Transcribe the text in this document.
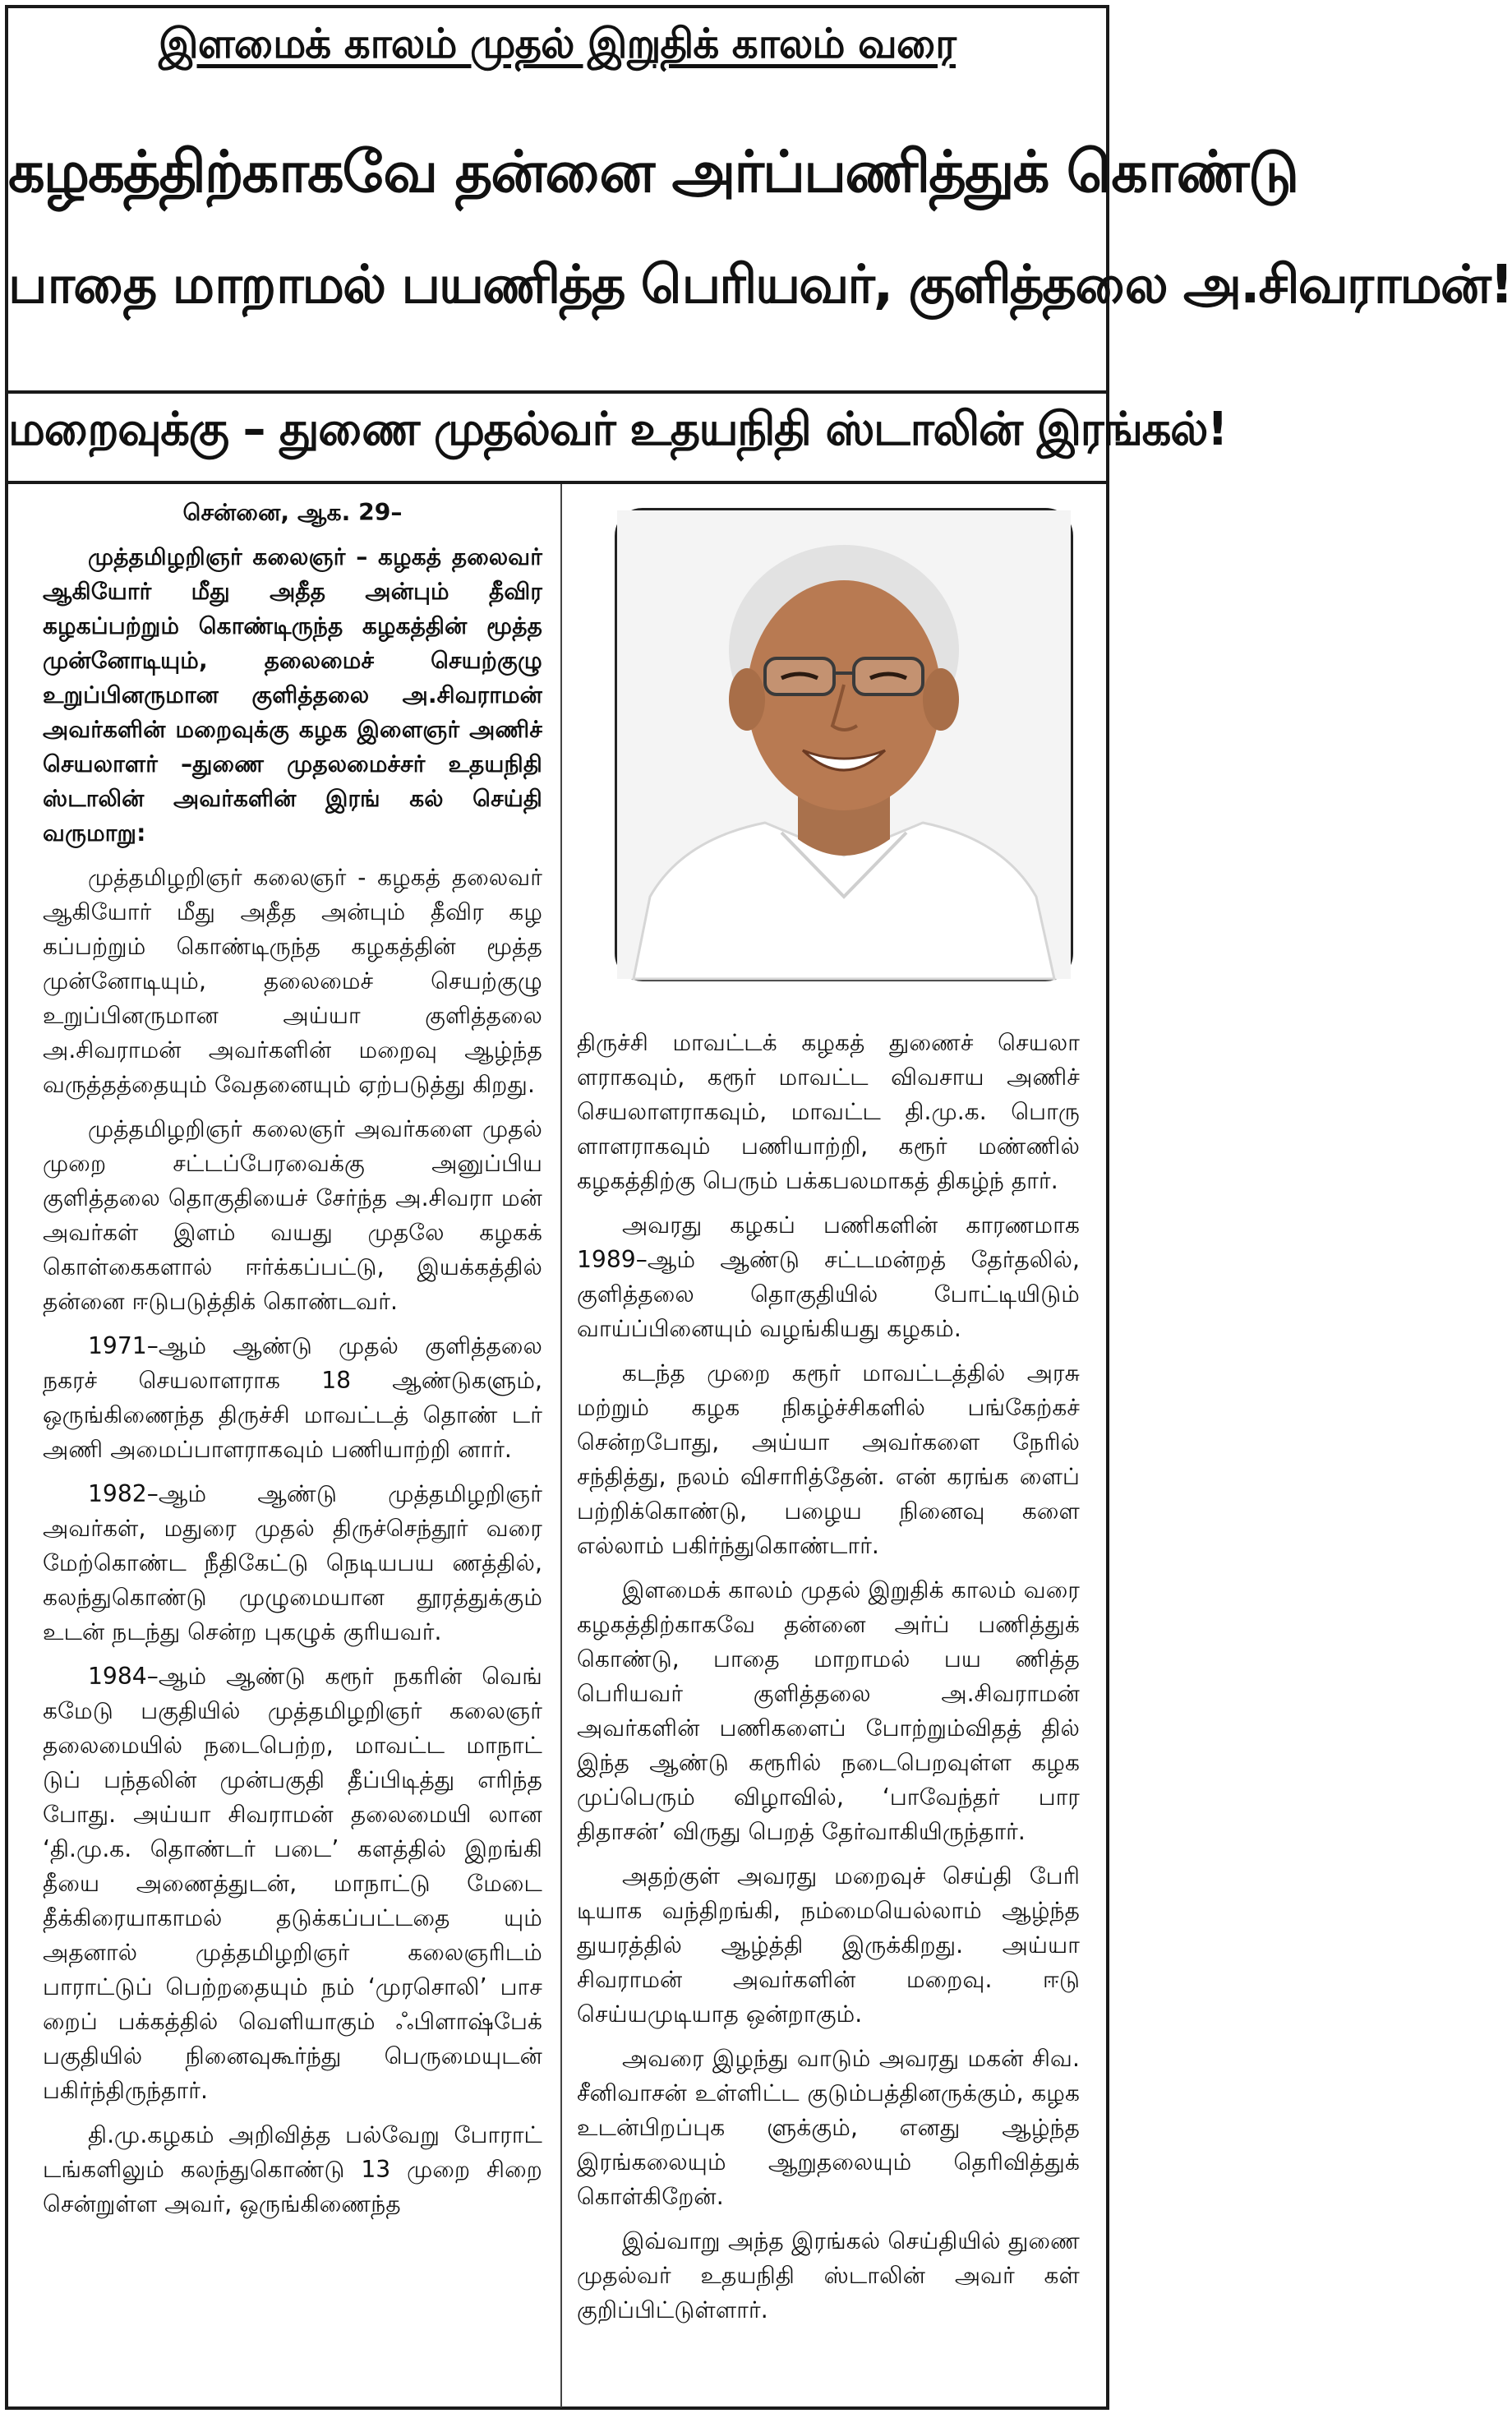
இளமைக் காலம் முதல் இறுதிக் காலம் வரை
கழகத்திற்காகவே தன்னை அர்ப்பணித்துக் கொண்டு
பாதை மாறாமல் பயணித்த பெரியவர், குளித்தலை அ.சிவராமன்!
மறைவுக்கு – துணை முதல்வர் உதயநிதி ஸ்டாலின் இரங்கல்!

சென்னை, ஆக. 29–

முத்தமிழறிஞர் கலைஞர் – கழகத் தலைவர் ஆகியோர் மீது அதீத அன்பும் தீவிர கழகப்பற்றும் கொண்டிருந்த கழகத்தின் மூத்த முன்னோடியும், தலைமைச் செயற்குழு உறுப்பினருமான குளித்தலை அ.சிவராமன் அவர்களின் மறைவுக்கு கழக இளைஞர் அணிச் செயலாளர் –துணை முதலமைச்சர் உதயநிதி ஸ்டாலின் அவர்களின் இரங் கல் செய்தி வருமாறு:

முத்தமிழறிஞர் கலைஞர் - கழகத் தலைவர் ஆகியோர் மீது அதீத அன்பும் தீவிர கழ கப்பற்றும் கொண்டிருந்த கழகத்தின் மூத்த முன்னோடியும், தலைமைச் செயற்குழு உறுப்பினருமான அய்யா குளித்தலை அ.சிவராமன் அவர்களின் மறைவு ஆழ்ந்த வருத்தத்தையும் வேதனையும் ஏற்படுத்து கிறது.

முத்தமிழறிஞர் கலைஞர் அவர்களை முதல் முறை சட்டப்பேரவைக்கு அனுப்பிய குளித்தலை தொகுதியைச் சேர்ந்த அ.சிவரா மன் அவர்கள் இளம் வயது முதலே கழகக் கொள்கைகளால் ஈர்க்கப்பட்டு, இயக்கத்தில் தன்னை ஈடுபடுத்திக் கொண்டவர்.

1971–ஆம் ஆண்டு முதல் குளித்தலை நகரச் செயலாளராக 18 ஆண்டுகளும், ஒருங்கிணைந்த திருச்சி மாவட்டத் தொண் டர் அணி அமைப்பாளராகவும் பணியாற்றி னார்.

1982–ஆம் ஆண்டு முத்தமிழறிஞர் அவர்கள், மதுரை முதல் திருச்செந்தூர் வரை மேற்கொண்ட நீதிகேட்டு நெடியபய ணத்தில், கலந்துகொண்டு முழுமையான தூரத்துக்கும் உடன் நடந்து சென்ற புகழுக் குரியவர்.

1984–ஆம் ஆண்டு கரூர் நகரின் வெங் கமேடு பகுதியில் முத்தமிழறிஞர் கலைஞர் தலைமையில் நடைபெற்ற, மாவட்ட மாநாட் டுப் பந்தலின் முன்பகுதி தீப்பிடித்து எரிந்த போது. அய்யா சிவராமன் தலைமையி லான ‘தி.மு.க. தொண்டர் படை’ களத்தில் இறங்கி தீயை அணைத்துடன், மாநாட்டு மேடை தீக்கிரையாகாமல் தடுக்கப்பட்டதை யும் அதனால் முத்தமிழறிஞர் கலைஞரிடம் பாராட்டுப் பெற்றதையும் நம் ‘முரசொலி’ பாச றைப் பக்கத்தில் வெளியாகும் ஃபிளாஷ்பேக் பகுதியில் நினைவுகூர்ந்து பெருமையுடன் பகிர்ந்திருந்தார்.

தி.மு.கழகம் அறிவித்த பல்வேறு போராட் டங்களிலும் கலந்துகொண்டு 13 முறை சிறை சென்றுள்ள அவர், ஒருங்கிணைந்த

திருச்சி மாவட்டக் கழகத் துணைச் செயலா ளராகவும், கரூர் மாவட்ட விவசாய அணிச் செயலாளராகவும், மாவட்ட தி.மு.க. பொரு ளாளராகவும் பணியாற்றி, கரூர் மண்ணில் கழகத்திற்கு பெரும் பக்கபலமாகத் திகழ்ந் தார்.

அவரது கழகப் பணிகளின் காரணமாக 1989–ஆம் ஆண்டு சட்டமன்றத் தேர்தலில், குளித்தலை தொகுதியில் போட்டியிடும் வாய்ப்பினையும் வழங்கியது கழகம்.

கடந்த முறை கரூர் மாவட்டத்தில் அரசு மற்றும் கழக நிகழ்ச்சிகளில் பங்கேற்கச் சென்றபோது, அய்யா அவர்களை நேரில் சந்தித்து, நலம் விசாரித்தேன். என் கரங்க ளைப் பற்றிக்கொண்டு, பழைய நினைவு களை எல்லாம் பகிர்ந்துகொண்டார்.

இளமைக் காலம் முதல் இறுதிக் காலம் வரை கழகத்திற்காகவே தன்னை அர்ப் பணித்துக் கொண்டு, பாதை மாறாமல் பய ணித்த பெரியவர் குளித்தலை அ.சிவராமன் அவர்களின் பணிகளைப் போற்றும்விதத் தில் இந்த ஆண்டு கரூரில் நடைபெறவுள்ள கழக முப்பெரும் விழாவில், ‘பாவேந்தர் பார திதாசன்’ விருது பெறத் தேர்வாகியிருந்தார்.

அதற்குள் அவரது மறைவுச் செய்தி பேரி டியாக வந்திறங்கி, நம்மையெல்லாம் ஆழ்ந்த துயரத்தில் ஆழ்த்தி இருக்கிறது. அய்யா சிவராமன் அவர்களின் மறைவு. ஈடு செய்யமுடியாத ஒன்றாகும்.

அவரை இழந்து வாடும் அவரது மகன் சிவ. சீனிவாசன் உள்ளிட்ட குடும்பத்தினருக்கும், கழக உடன்பிறப்புக ளுக்கும், எனது ஆழ்ந்த இரங்கலையும் ஆறுதலையும் தெரிவித்துக் கொள்கிறேன்.

இவ்வாறு அந்த இரங்கல் செய்தியில் துணை முதல்வர் உதயநிதி ஸ்டாலின் அவர் கள் குறிப்பிட்டுள்ளார்.
